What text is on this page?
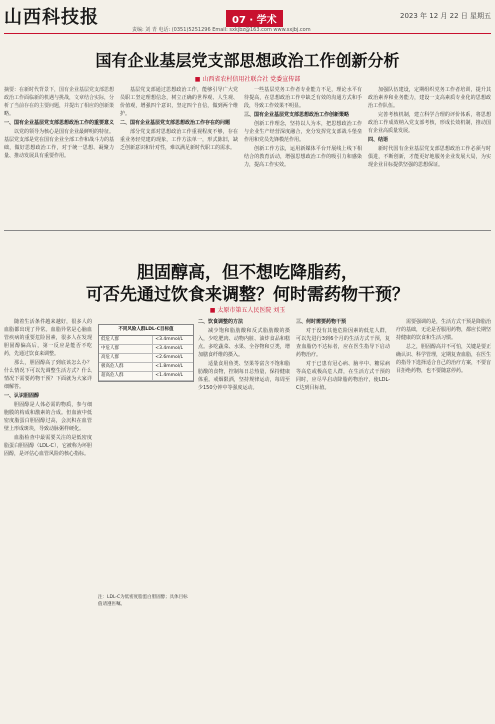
山西科技报	07 · 学术	2023 年 12 月 22 日 星期五
责编: 刘 青 电话: (0351)5251296 Email: sxkjbz@163.com www.sxjbj.com
国有企业基层党支部思想政治工作创新分析
■ 山西省农村信用社联合社 党委宣传部

摘要：在新时代背景下，国有企业基层党支部思想政治工作面临新的机遇与挑战，文章结合实际，分析了当前存在的主要问题，并提出了相应的创新策略。

一、国有企业基层党支部思想政治工作的重要意义

以党的领导为核心是国有企业最鲜明的特征。基层党支部是党在国有企业全部工作和战斗力的基础，做好思想政治工作，对于统一思想、凝聚力量、推动发展具有重要作用。

基层党支部通过思想政治工作，能够引导广大党员职工坚定理想信念，树立正确的世界观、人生观、价值观，增强四个意识，坚定四个自信，做到两个维护。

二、国有企业基层党支部思想政治工作存在的问题

部分党支部对思想政治工作重视程度不够，存在重业务轻党建的现象，工作方法单一，形式陈旧，缺乏创新意识和针对性，难以满足新时代职工的需求。

一些基层党务工作者专业能力不足，理论水平有待提高，在思想政治工作中缺乏有效的沟通方式和手段，导致工作效果不明显。

三、国有企业基层党支部思想政治工作创新策略

创新工作理念，坚持以人为本，把思想政治工作与企业生产经营深度融合，充分发挥党支部战斗堡垒作用和党员先锋模范作用。

创新工作方法，运用新媒体平台开展线上线下相结合的教育活动，增强思想政治工作的吸引力和感染力，提高工作实效。

加强队伍建设，定期组织党务工作者培训，提升其政治素养和业务能力，建设一支高素质专业化的思想政治工作队伍。

完善考核机制，建立科学合理的评价体系，将思想政治工作成效纳入党支部考核，形成长效机制，推动国有企业高质量发展。

四、结语

新时代国有企业基层党支部思想政治工作必须与时俱进，不断创新，才能更好地服务企业发展大局，为实现企业目标提供坚强的思想保证。

胆固醇高，但不想吃降脂药，
可否先通过饮食来调整？何时需药物干预？
■ 太原市第五人民医院 刘玉

随着生活条件越来越好，很多人的血脂都出现了异常。血脂异常是心脑血管疾病的重要危险因素，很多人在发现胆固醇偏高后，第一反应是能否不吃药，先通过饮食来调整。

那么，胆固醇高了到底该怎么办？什么情况下可以先调整生活方式？什么情况下需要药物干预？下面就为大家详细解答。

一、认识胆固醇

胆固醇是人体必需的物质，参与细胞膜的构成和激素的合成。但血液中低密度脂蛋白胆固醇过高，会沉积在血管壁上形成斑块，导致动脉粥样硬化。

血脂检查中最需要关注的是低密度脂蛋白胆固醇（LDL-C），它被称为坏胆固醇，是评估心血管风险的核心指标。

不同风险人群LDL-C目标值
低危人群	<3.4mmol/L
中危人群	<3.4mmol/L
高危人群	<2.6mmol/L
极高危人群	<1.8mmol/L
超高危人群	<1.4mmol/L
注：LDL-C为低密度脂蛋白胆固醇；具体目标值请遵医嘱。

二、饮食调整的方法

减少饱和脂肪酸和反式脂肪酸的摄入，少吃肥肉、动物内脏、油炸食品和糕点。多吃蔬菜、水果、全谷物和豆类，增加膳食纤维的摄入。

适量食用鱼类、坚果等富含不饱和脂肪酸的食物，控制每日总热量，保持健康体重。戒烟限酒，坚持规律运动，每周至少150分钟中等强度运动。

三、何时需要药物干预

对于没有其他危险因素的低危人群，可以先进行3到6个月的生活方式干预，复查血脂仍不达标者，应在医生指导下启动药物治疗。

对于已患有冠心病、脑卒中、糖尿病等高危或极高危人群，在生活方式干预的同时，应尽早启动降脂药物治疗，使LDL-C达到目标值。

需要强调的是，生活方式干预是降脂治疗的基础，无论是否服用药物，都应长期坚持健康的饮食和生活习惯。

总之，胆固醇高并不可怕，关键是要正确认识、科学管理，定期复查血脂，在医生的指导下选择适合自己的治疗方案，不要盲目拒绝药物，也不要随意停药。
